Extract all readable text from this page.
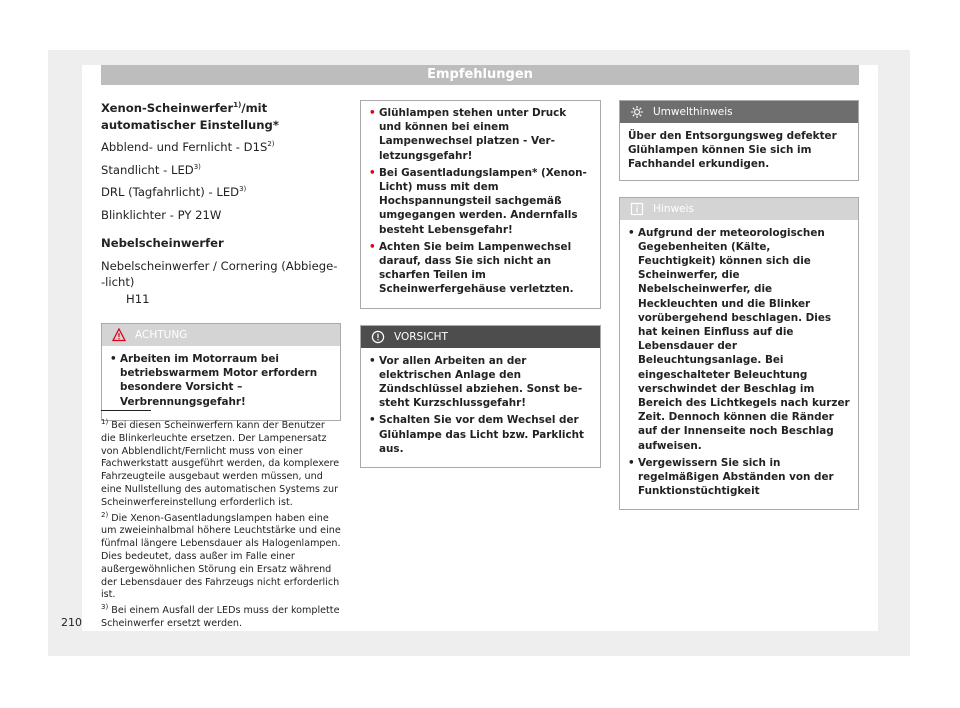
Empfehlungen
Xenon-Scheinwerfer$^{1)}$/mit automatischer Einstellung*
Abblend- und Fernlicht - $D1S^{2)}$
Standlicht - LED$^{3)}$
DRL (Tagfahrlicht) - LED$^{3)}$
Blinklichter - PY 21W
Nebelscheinwerfer
Nebelscheinwerfer / Cornering (Abbiege- -licht)
H11
ACHTUNG
• Arbeiten im Motorraum bei betriebswarmem Motor erfordern besondere Vorsicht – Verbrennungsgefahr!
• Glühlampen stehen unter Druck und können bei einem Lampenwechsel platzen - Verletzungsgefahr!
• Bei Gasentladungslampen* (Xenon-Licht) muss mit dem Hochspannungsteil sachgemäß umgegangen werden. Andernfalls besteht Lebensgefahr!
• Achten Sie beim Lampenwechsel darauf, dass Sie sich nicht an scharfen Teilen im Scheinwerfergehäuse verletzten.
VORSICHT
• Vor allen Arbeiten an der elektrischen Anlage den Zündschlüssel abziehen. Sonst besteht Kurzschlussgefahr!
• Schalten Sie vor dem Wechsel der Glühlampe das Licht bzw. Parklicht aus.
Umwelthinweis
Über den Entsorgungsweg defekter Glühlampen können Sie sich im Fachhandel erkundigen.
Hinweis
• Aufgrund der meteorologischen Gegebenheiten (Kälte, Feuchtigkeit) können sich die Scheinwerfer, die Nebelscheinwerfer, die Heckleuchten und die Blinker vorübergehend beschlagen. Dies hat keinen Einfluss auf die Lebensdauer der Beleuchtungsanlage. Bei eingeschalteter Beleuchtung verschwindet der Beschlag im Bereich des Lichtkegels nach kurzer Zeit. Dennoch können die Ränder auf der Innenseite noch Beschlag aufweisen.
• Vergewissern Sie sich in regelmäßigen Abständen von der Funktionstüchtigkeit

$^{1)}$ Bei diesen Scheinwerfern kann der Benutzer die Blinkerleuchte ersetzen. Der Lampenersatz von Abblendlicht/Fernlicht muss von einer Fachwerkstatt ausgeführt werden, da komplexere Fahrzeugteile ausgebaut werden müssen, und eine Nullstellung des automatischen Systems zur Scheinwerfereinstellung erforderlich ist.

$^{2)}$ Die Xenon-Gasentladungslampen haben eine um zweieinhalbmal höhere Leuchtstärke und eine fünfmal längere Lebensdauer als Halogenlampen. Dies bedeutet, dass außer im Falle einer außergewöhnlichen Störung ein Ersatz während der Lebensdauer des Fahrzeugs nicht erforderlich ist.

$^{3)}$ Bei einem Ausfall der LEDs muss der komplette Scheinwerfer ersetzt werden.

210
